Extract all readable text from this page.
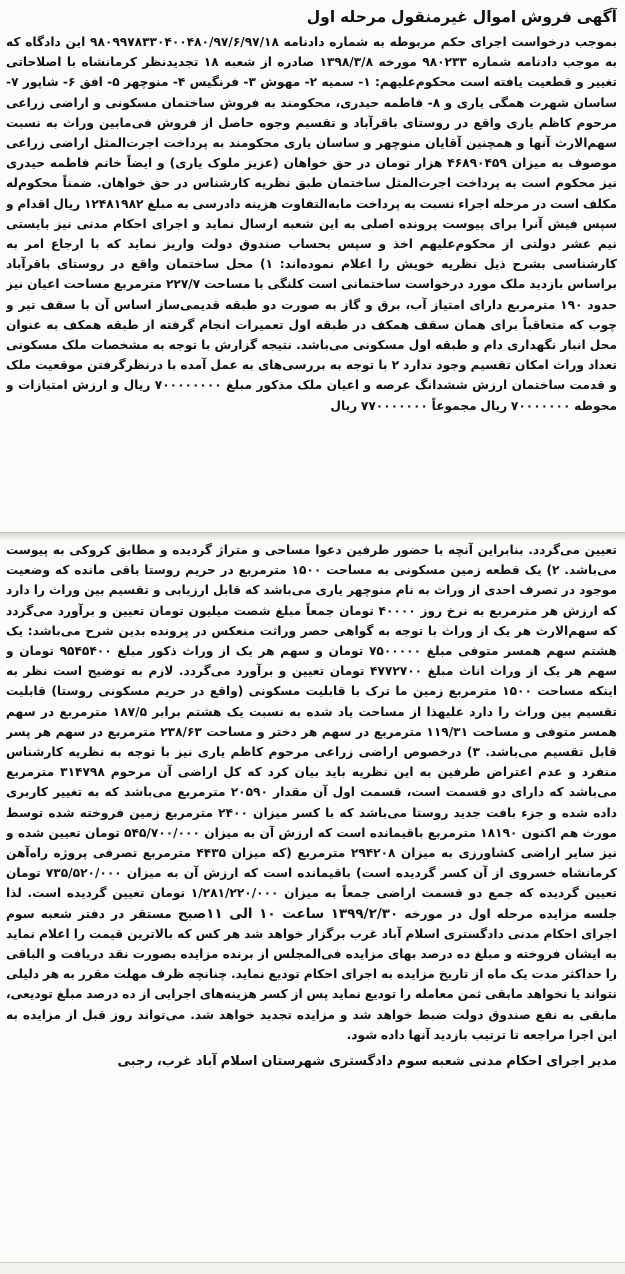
آگهی فروش اموال غیرمنقول مرحله اول
بموجب درخواست اجرای حکم مربوطه به شماره دادنامه ۹۸۰۹۹۷۸۳۳۰۴۰۰۴۸۰/۹۷/۶/۹۷/۱۸ این دادگاه که به موجب دادنامه شماره ۹۸۰۲۳۳ مورخه ۱۳۹۸/۳/۸ صادره از شعبه ۱۸ تجدیدنظر کرمانشاه با اصلاحاتی تغییر و قطعیت یافته است محکوم‌علیهم: ۱- سمیه ۲- مهوش ۳- فرنگیس ۴- منوچهر ۵- افق ۶- شاپور ۷- ساسان شهرت همگی یاری و ۸- فاطمه حیدری، محکومند به فروش ساختمان مسکونی و اراضی زراعی مرحوم کاظم یاری واقع در روستای باقرآباد و تقسیم وجوه حاصل از فروش فی‌مابین وراث به نسبت سهم‌الارث آنها و همچنین آقایان منوچهر و ساسان یاری محکومند به پرداخت اجرت‌المثل اراضی زراعی موصوف به میزان ۴۶۸۹۰۴۵۹ هزار تومان در حق خواهان (عزیز ملوک یاری) و ایضاً خانم فاطمه حیدری نیز محکوم است به پرداخت اجرت‌المثل ساختمان طبق نظریه کارشناس در حق خواهان. ضمناً محکوم‌له مکلف است در مرحله اجراء نسبت به پرداخت مابه‌التفاوت هزینه دادرسی به مبلغ ۱۲۴۸۱۹۸۲ ریال اقدام و سپس فیش آنرا برای پیوست پرونده اصلی به این شعبه ارسال نماید و اجرای احکام مدنی نیز بایستی نیم عشر دولتی از محکوم‌علیهم اخذ و سپس بحساب صندوق دولت واریز نماید که با ارجاع امر به کارشناسی بشرح ذیل نظریه خویش را اعلام نموده‌اند: ۱) محل ساختمان واقع در روستای باقرآباد براساس بازدید ملک مورد درخواست ساختمانی است کلنگی با مساحت ۲۲۷/۷ مترمربع مساحت اعیان نیز حدود ۱۹۰ مترمربع دارای امتیاز آب، برق و گاز به صورت دو طبقه قدیمی‌ساز اساس آن با سقف تیر و چوب که متعاقباً برای همان سقف همکف در طبقه اول تعمیرات انجام گرفته از طبقه همکف به عنوان محل انبار نگهداری دام و طبقه اول مسکونی می‌باشد. نتیجه گزارش با توجه به مشخصات ملک مسکونی تعداد وراث امکان تقسیم وجود ندارد ۲ با توجه به بررسی‌های به عمل آمده با درنظرگرفتن موقعیت ملک و قدمت ساختمان ارزش ششدانگ عرصه و اعیان ملک مذکور مبلغ ۷۰۰۰۰۰۰۰۰ ریال و ارزش امتیازات و محوطه ۷۰۰۰۰۰۰۰ ریال مجموعاً ۷۷۰۰۰۰۰۰۰ ریال
تعیین می‌گردد. بنابراین آنچه با حضور طرفین دعوا مساحی و متراژ گردیده و مطابق کروکی به پیوست می‌باشد. ۲) یک قطعه زمین مسکونی به مساحت ۱۵۰۰ مترمربع در حریم روستا باقی مانده که وضعیت موجود در تصرف احدی از وراث به نام منوچهر یاری می‌باشد که قابل ارزیابی و تقسیم بین وراث را دارد که ارزش هر مترمربع به نرخ روز ۴۰۰۰۰ تومان جمعاً مبلغ شصت میلیون تومان تعیین و برآورد می‌گردد که سهم‌الارث هر یک از وراث با توجه به گواهی حصر وراثت منعکس در پرونده بدین شرح می‌باشد: یک هشتم سهم همسر متوفی مبلغ ۷۵۰۰۰۰۰ تومان و سهم هر یک از وراث ذکور مبلغ ۹۵۴۵۴۰۰ تومان و سهم هر یک از وراث اناث مبلغ ۴۷۷۲۷۰۰ تومان تعیین و برآورد می‌گردد. لازم به توضیح است نظر به اینکه مساحت ۱۵۰۰ مترمربع زمین ما ترک با قابلیت مسکونی (واقع در حریم مسکونی روستا) قابلیت تقسیم بین وراث را دارد علیهذا از مساحت یاد شده به نسبت یک هشتم برابر ۱۸۷/۵ مترمربع در سهم همسر متوفی و مساحت ۱۱۹/۳۱ مترمربع در سهم هر دختر و مساحت ۲۳۸/۶۳ مترمربع در سهم هر پسر قابل تقسیم می‌باشد. ۳) درخصوص اراضی زراعی مرحوم کاظم یاری نیز با توجه به نظریه کارشناس منفرد و عدم اعتراض طرفین به این نظریه باید بیان کرد که کل اراضی آن مرحوم ۳۱۴۷۹۸ مترمربع می‌باشد که دارای دو قسمت است، قسمت اول آن مقدار ۲۰۵۹۰ مترمربع می‌باشد که به تغییر کاربری داده شده و جزء بافت جدید روستا می‌باشد که با کسر میزان ۲۴۰۰ مترمربع زمین فروخته شده توسط مورث هم اکنون ۱۸۱۹۰ مترمربع باقیمانده است که ارزش آن به میزان ۵۴۵/۷۰۰/۰۰۰ تومان تعیین شده و نیز سایر اراضی کشاورزی به میزان ۲۹۴۲۰۸ مترمربع (که میزان ۴۴۳۵ مترمربع تصرفی پروژه راه‌آهن کرمانشاه خسروی از آن کسر گردیده است) باقیمانده است که ارزش آن به میزان ۷۳۵/۵۲۰/۰۰۰ تومان تعیین گردیده که جمع دو قسمت اراضی جمعاً به میزان ۱/۲۸۱/۲۲۰/۰۰۰ تومان تعیین گردیده است. لذا جلسه مزایده مرحله اول در مورخه ۱۳۹۹/۲/۳۰ ساعت ۱۰ الی ۱۱صبح مستقر در دفتر شعبه سوم اجرای احکام مدنی دادگستری اسلام آباد غرب برگزار خواهد شد هر کس که بالاترین قیمت را اعلام نماید به ایشان فروخته و مبلغ ده درصد بهای مزایده فی‌المجلس از برنده مزایده بصورت نقد دریافت و الباقی را حداکثر مدت یک ماه از تاریخ مزایده به اجرای احکام تودیع نماید. چنانچه ظرف مهلت مقرر به هر دلیلی نتواند یا نخواهد مابقی ثمن معامله را تودیع نماید پس از کسر هزینه‌های اجرایی از ده درصد مبلغ تودیعی، مابقی به نفع صندوق دولت ضبط خواهد شد و مزایده تجدید خواهد شد. می‌تواند روز قبل از مزایده به این اجرا مراجعه تا ترتیب بازدید آنها داده شود.
مدیر اجرای احکام مدنی شعبه سوم دادگستری شهرستان اسلام آباد غرب، رجبی
